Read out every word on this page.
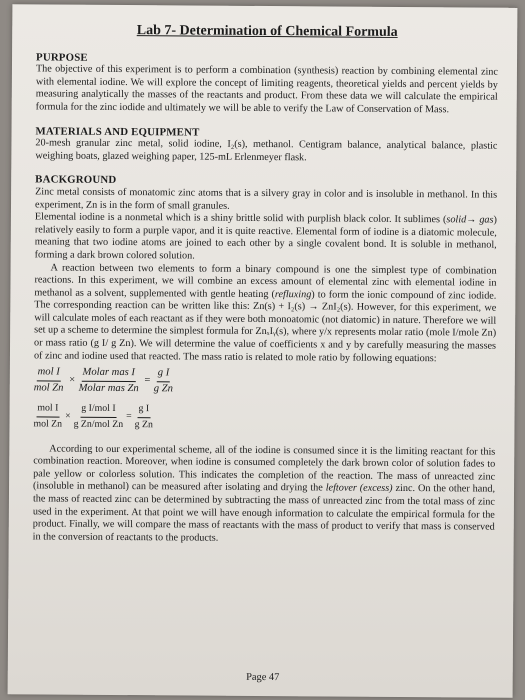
Lab 7- Determination of Chemical Formula
PURPOSE

The objective of this experiment is to perform a combination (synthesis) reaction by combining elemental zinc with elemental iodine. We will explore the concept of limiting reagents, theoretical yields and percent yields by measuring analytically the masses of the reactants and product. From these data we will calculate the empirical formula for the zinc iodide and ultimately we will be able to verify the Law of Conservation of Mass.

MATERIALS AND EQUIPMENT

20-mesh granular zinc metal, solid iodine, I₂(s), methanol. Centigram balance, analytical balance, plastic weighing boats, glazed weighing paper, 125-mL Erlenmeyer flask.

BACKGROUND

Zinc metal consists of monatomic zinc atoms that is a silvery gray in color and is insoluble in methanol. In this experiment, Zn is in the form of small granules.

Elemental iodine is a nonmetal which is a shiny brittle solid with purplish black color. It sublimes (solid→ gas) relatively easily to form a purple vapor, and it is quite reactive. Elemental form of iodine is a diatomic molecule, meaning that two iodine atoms are joined to each other by a single covalent bond. It is soluble in methanol, forming a dark brown colored solution.

A reaction between two elements to form a binary compound is one the simplest type of combination reactions. In this experiment, we will combine an excess amount of elemental zinc with elemental iodine in methanol as a solvent, supplemented with gentle heating (refluxing) to form the ionic compound of zinc iodide. The corresponding reaction can be written like this: Zn(s) + I₂(s) → ZnI₂(s). However, for this experiment, we will calculate moles of each reactant as if they were both monoatomic (not diatomic) in nature. Therefore we will set up a scheme to determine the simplest formula for ZnₓIᵧ(s), where y/x represents molar ratio (mole I/mole Zn) or mass ratio (g I/ g Zn). We will determine the value of coefficients x and y by carefully measuring the masses of zinc and iodine used that reacted. The mass ratio is related to mole ratio by following equations:

$\frac{\text{mol I}}{\text{mol Zn}} \times \frac{\text{Molar mas I}}{\text{Molar mas Zn}} = \frac{\text{g I}}{\text{g Zn}}$
$\frac{\text{mol I}}{\text{mol Zn}} \times \frac{\text{g I/mol I}}{\text{g Zn/mol Zn}} = \frac{\text{g I}}{\text{g Zn}}$

According to our experimental scheme, all of the iodine is consumed since it is the limiting reactant for this combination reaction. Moreover, when iodine is consumed completely the dark brown color of solution fades to pale yellow or colorless solution. This indicates the completion of the reaction. The mass of unreacted zinc (insoluble in methanol) can be measured after isolating and drying the leftover (excess) zinc. On the other hand, the mass of reacted zinc can be determined by subtracting the mass of unreacted zinc from the total mass of zinc used in the experiment. At that point we will have enough information to calculate the empirical formula for the product. Finally, we will compare the mass of reactants with the mass of product to verify that mass is conserved in the conversion of reactants to the products.

Page 47
